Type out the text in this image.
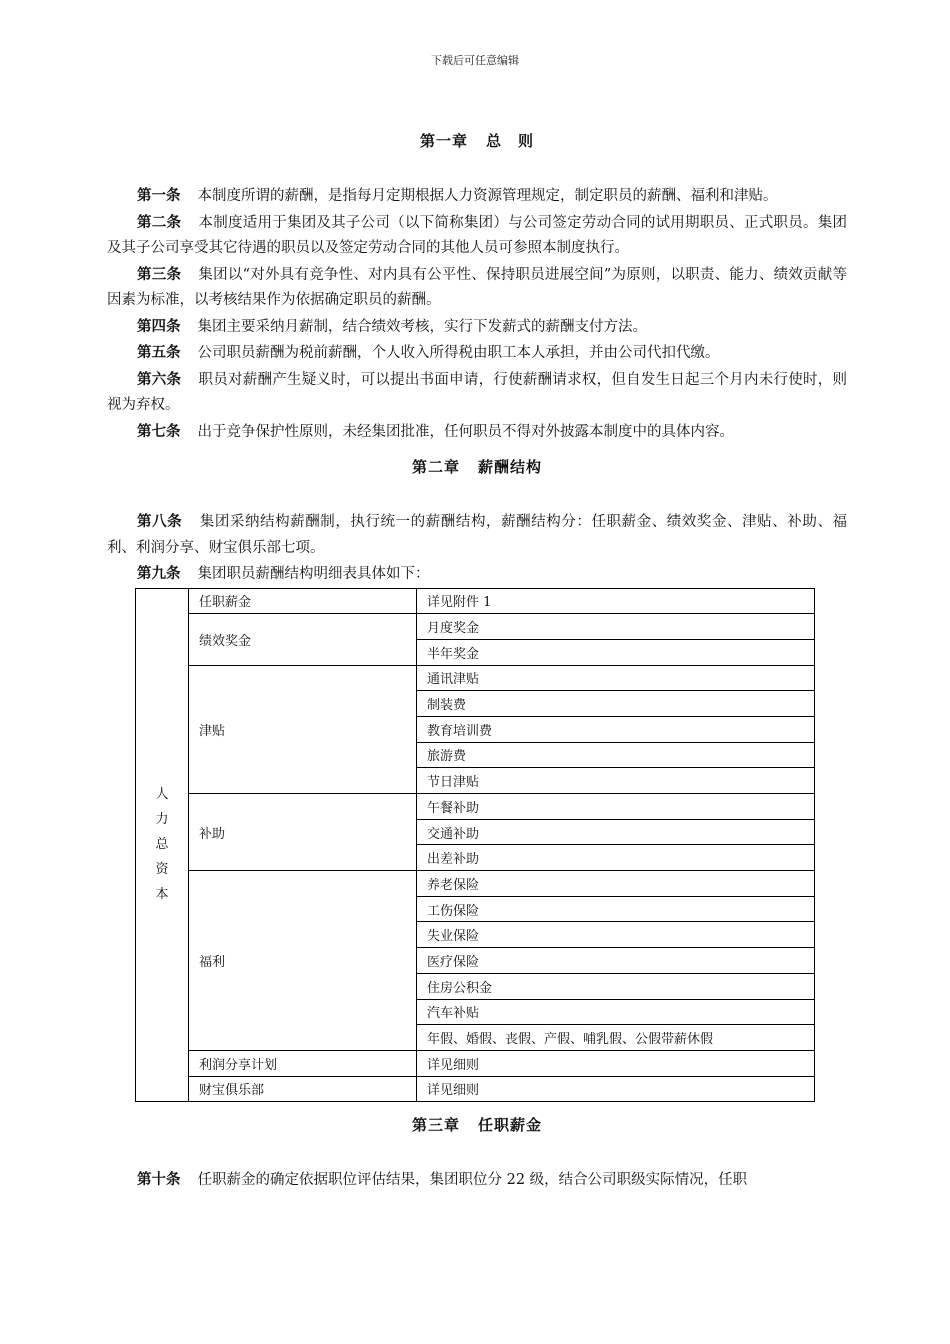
下载后可任意编辑
第一章 总　则

第一条 本制度所谓的薪酬，是指每月定期根据人力资源管理规定，制定职员的薪酬、福利和津贴。

第二条 本制度适用于集团及其子公司（以下简称集团）与公司签定劳动合同的试用期职员、正式职员。集团及其子公司享受其它待遇的职员以及签定劳动合同的其他人员可参照本制度执行。

第三条 集团以“对外具有竞争性、对内具有公平性、保持职员进展空间”为原则，以职责、能力、绩效贡献等因素为标准，以考核结果作为依据确定职员的薪酬。

第四条 集团主要采纳月薪制，结合绩效考核，实行下发薪式的薪酬支付方法。

第五条 公司职员薪酬为税前薪酬，个人收入所得税由职工本人承担，并由公司代扣代缴。

第六条 职员对薪酬产生疑义时，可以提出书面申请，行使薪酬请求权，但自发生日起三个月内未行使时，则视为弃权。

第七条 出于竞争保护性原则，未经集团批准，任何职员不得对外披露本制度中的具体内容。

第二章 薪酬结构

第八条 集团采纳结构薪酬制，执行统一的薪酬结构，薪酬结构分：任职薪金、绩效奖金、津贴、补助、福利、利润分享、财宝俱乐部七项。

第九条 集团职员薪酬结构明细表具体如下：

人
力
总
资
本	任职薪金	详见附件 1
	绩效奖金	月度奖金
		半年奖金
	津贴	通讯津贴
		制装费
		教育培训费
		旅游费
		节日津贴
	补助	午餐补助
		交通补助
		出差补助
	福利	养老保险
		工伤保险
		失业保险
		医疗保险
		住房公积金
		汽车补贴
		年假、婚假、丧假、产假、哺乳假、公假带薪休假
	利润分享计划	详见细则
	财宝俱乐部	详见细则
第三章 任职薪金

第十条 任职薪金的确定依据职位评估结果，集团职位分 22 级，结合公司职级实际情况，任职
